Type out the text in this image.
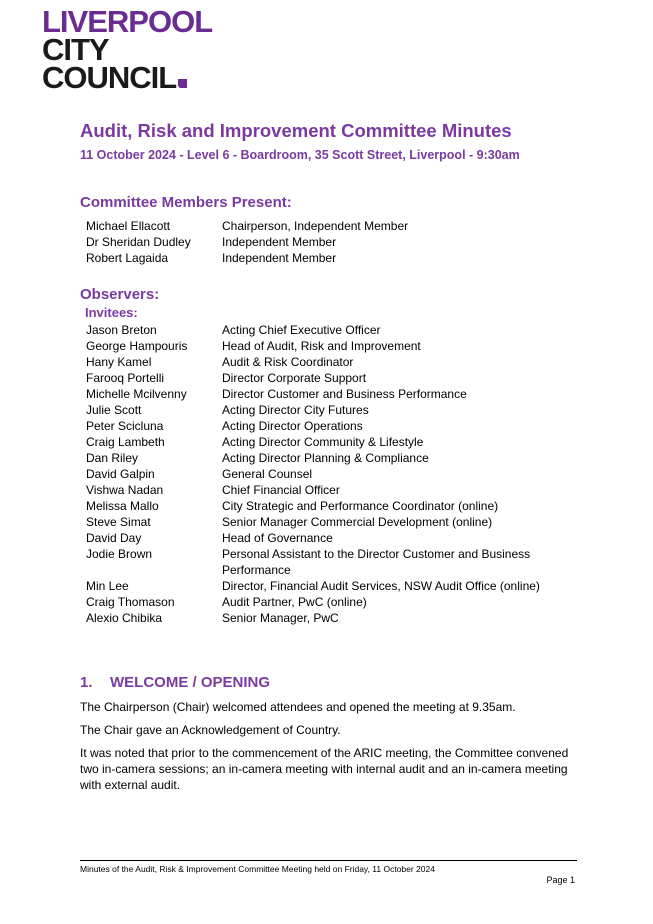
LIVERPOOL
CITY
COUNCIL
Audit, Risk and Improvement Committee Minutes
11 October 2024 - Level 6 - Boardroom, 35 Scott Street, Liverpool - 9:30am
Committee Members Present:
Michael Ellacott	Chairperson, Independent Member
Dr Sheridan Dudley	Independent Member
Robert Lagaida	Independent Member
Observers:
Invitees:
Jason Breton	Acting Chief Executive Officer
George Hampouris	Head of Audit, Risk and Improvement
Hany Kamel	Audit & Risk Coordinator
Farooq Portelli	Director Corporate Support
Michelle Mcilvenny	Director Customer and Business Performance
Julie Scott	Acting Director City Futures
Peter Scicluna	Acting Director Operations
Craig Lambeth	Acting Director Community & Lifestyle
Dan Riley	Acting Director Planning & Compliance
David Galpin	General Counsel
Vishwa Nadan	Chief Financial Officer
Melissa Mallo	City Strategic and Performance Coordinator (online)
Steve Simat	Senior Manager Commercial Development (online)
David Day	Head of Governance
Jodie Brown	Personal Assistant to the Director Customer and Business Performance
Min Lee	Director, Financial Audit Services, NSW Audit Office (online)
Craig Thomason	Audit Partner, PwC (online)
Alexio Chibika	Senior Manager, PwC
1. WELCOME / OPENING
The Chairperson (Chair) welcomed attendees and opened the meeting at 9.35am.
The Chair gave an Acknowledgement of Country.
It was noted that prior to the commencement of the ARIC meeting, the Committee convened two in-camera sessions; an in-camera meeting with internal audit and an in-camera meeting with external audit.
Minutes of the Audit, Risk & Improvement Committee Meeting held on Friday, 11 October 2024
Page 1
